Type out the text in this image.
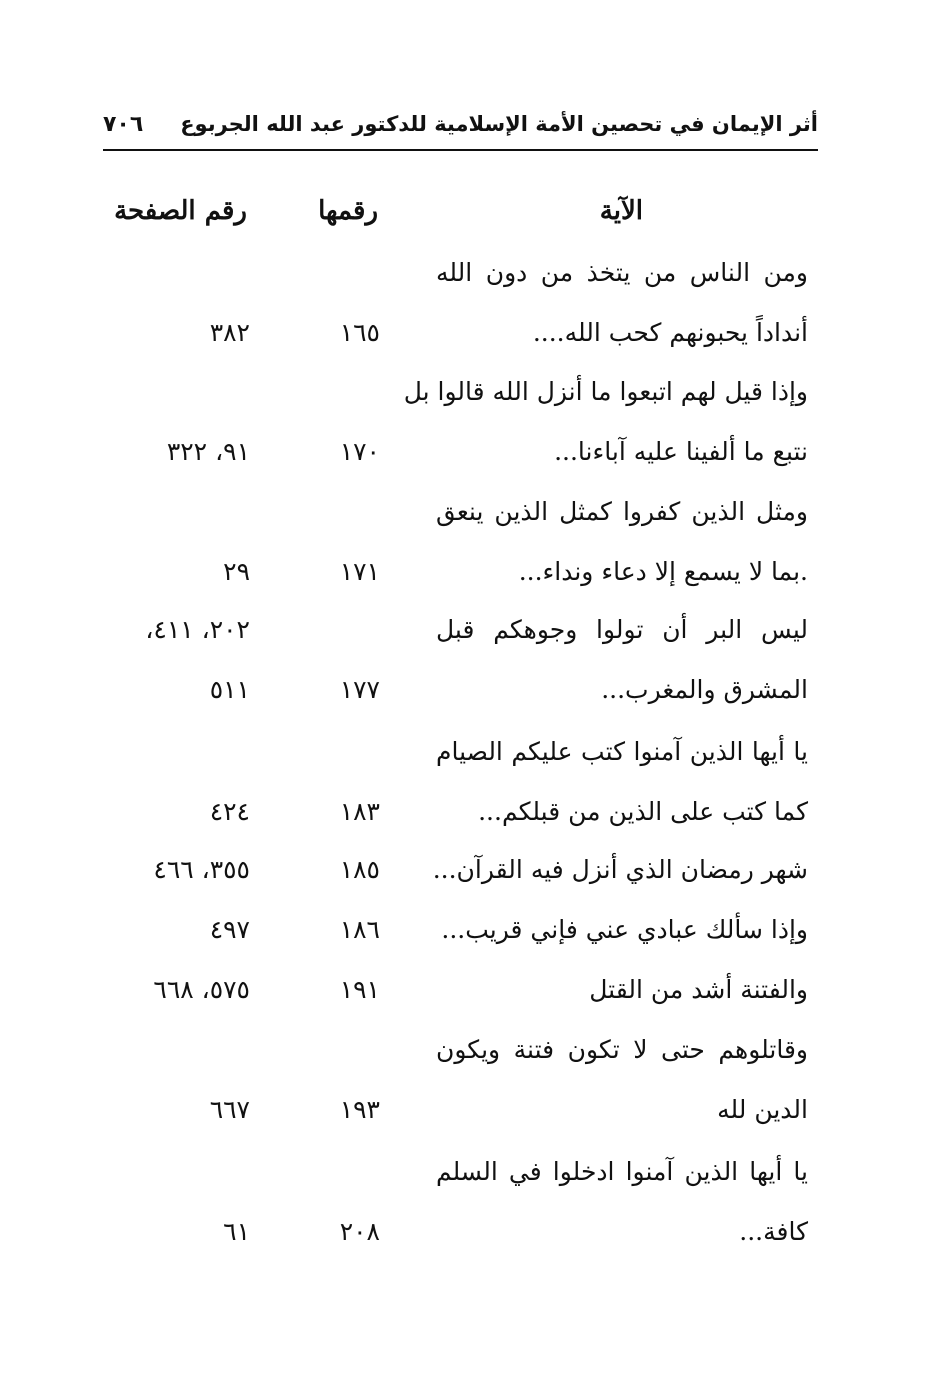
أثر الإيمان في تحصين الأمة الإسلامية للدكتور عبد الله الجربوع
٧٠٦
الآية
رقمها
رقم الصفحة
ومن الناس من يتخذ من دون الله
أنداداً يحبونهم كحب الله....
١٦٥
٣٨٢
وإذا قيل لهم اتبعوا ما أنزل الله قالوا بل
نتبع ما ألفينا عليه آباءنا...
١٧٠
٩١، ٣٢٢
ومثل الذين كفروا كمثل الذين ينعق
.بما لا يسمع إلا دعاء ونداء...
١٧١
٢٩
ليس البر أن تولوا وجوهكم قبل
٢٠٢، ٤١١،
المشرق والمغرب...
١٧٧
٥١١
يا أيها الذين آمنوا كتب عليكم الصيام
كما كتب على الذين من قبلكم...
١٨٣
٤٢٤
شهر رمضان الذي أنزل فيه القرآن...
١٨٥
٣٥٥، ٤٦٦
وإذا سألك عبادي عني فإني قريب...
١٨٦
٤٩٧
والفتنة أشد من القتل
١٩١
٥٧٥، ٦٦٨
وقاتلوهم حتى لا تكون فتنة ويكون
الدين لله
١٩٣
٦٦٧
يا أيها الذين آمنوا ادخلوا في السلم
كافة...
٢٠٨
٦١
